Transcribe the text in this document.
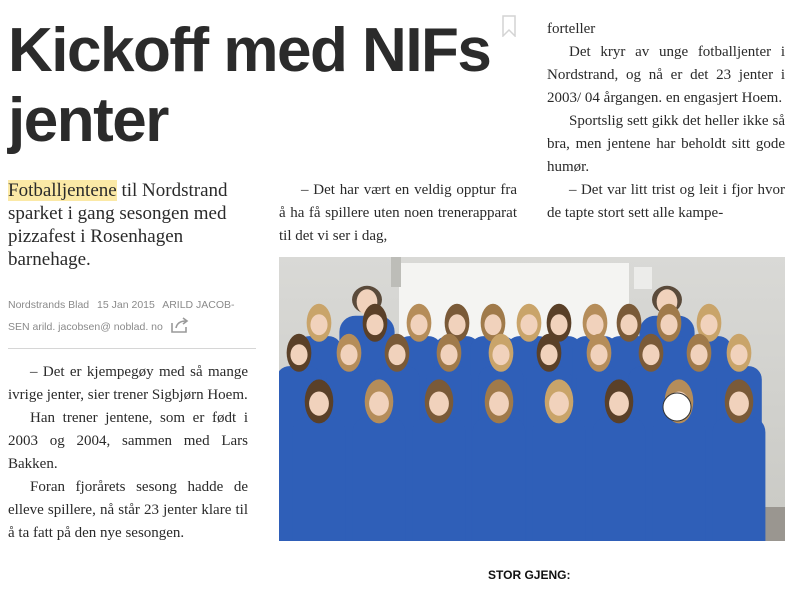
Kickoff med NIFs jenter
Fotballjentene til Nordstrand sparket i gang sesongen med pizzafest i Rosenhagen barnehage.
Nordstrands Blad 15 Jan 2015 ARILD JACOB-
SEN arild. jacobsen@ noblad. no

– Det er kjempegøy med så mange ivrige jenter, sier trener Sigbjørn Hoem.

Han trener jentene, som er født i 2003 og 2004, sammen med Lars Bakken.

Foran fjorårets sesong hadde de elleve spillere, nå står 23 jenter klare til å ta fatt på den nye sesongen.

– Det har vært en veldig opptur fra å ha få spillere uten noen trenerapparat til det vi ser i dag,

forteller

Det kryr av unge fotballjenter i Nordstrand, og nå er det 23 jenter i 2003/ 04 årgangen. en engasjert Hoem.

Sportslig sett gikk det heller ikke så bra, men jentene har beholdt sitt gode humør.

– Det var litt trist og leit i fjor hvor de tapte stort sett alle kampe-

STOR GJENG:
